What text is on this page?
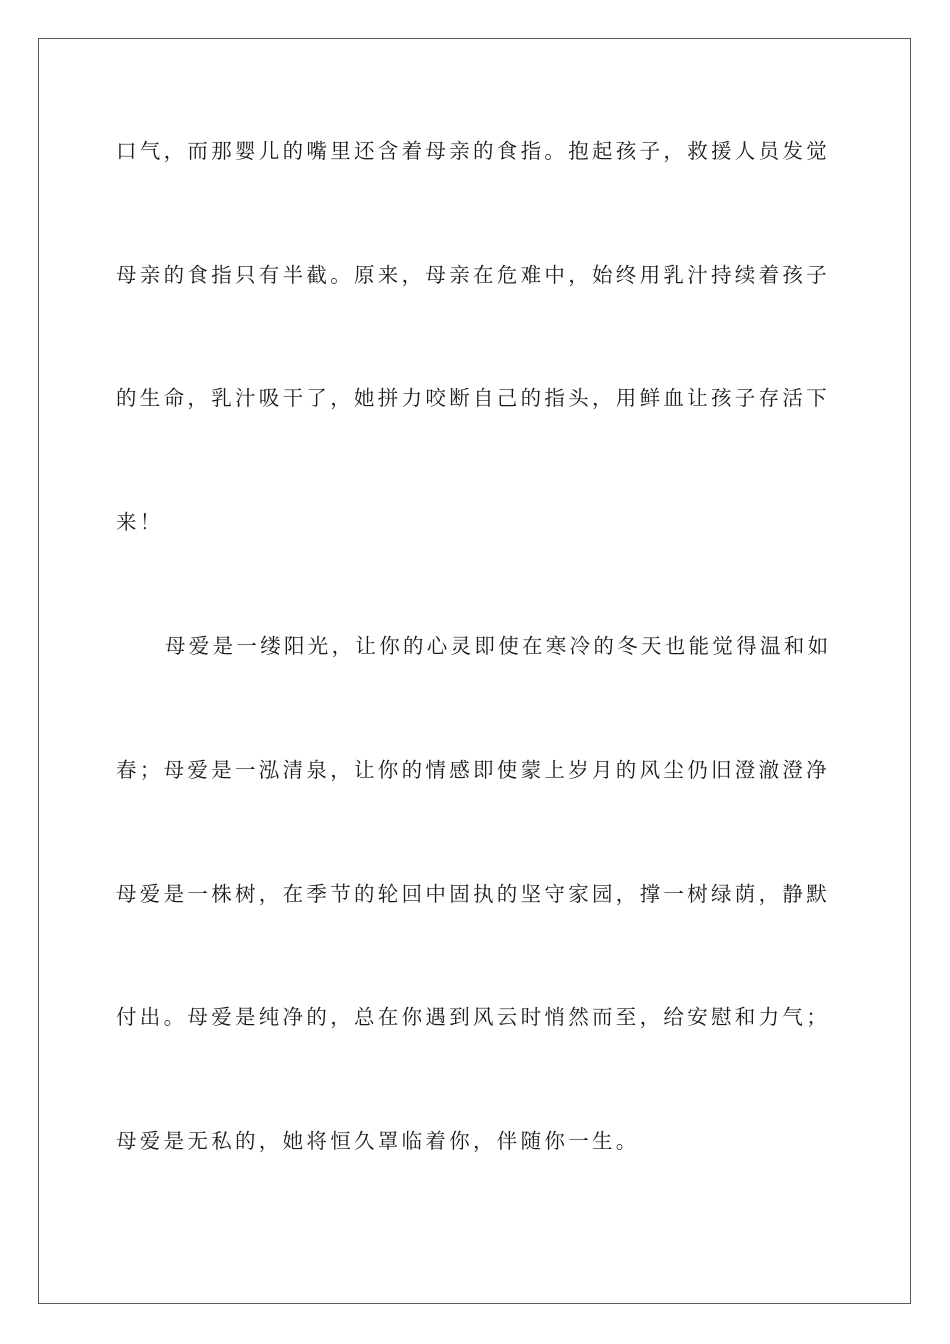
口气，而那婴儿的嘴里还含着母亲的食指。抱起孩子，救援人员发觉

母亲的食指只有半截。原来，母亲在危难中，始终用乳汁持续着孩子

的生命，乳汁吸干了，她拼力咬断自己的指头，用鲜血让孩子存活下

来！

母爱是一缕阳光，让你的心灵即使在寒冷的冬天也能觉得温和如

春；母爱是一泓清泉，让你的情感即使蒙上岁月的风尘仍旧澄澈澄净

母爱是一株树，在季节的轮回中固执的坚守家园，撑一树绿荫，静默

付出。母爱是纯净的，总在你遇到风云时悄然而至，给安慰和力气；

母爱是无私的，她将恒久罩临着你，伴随你一生。
